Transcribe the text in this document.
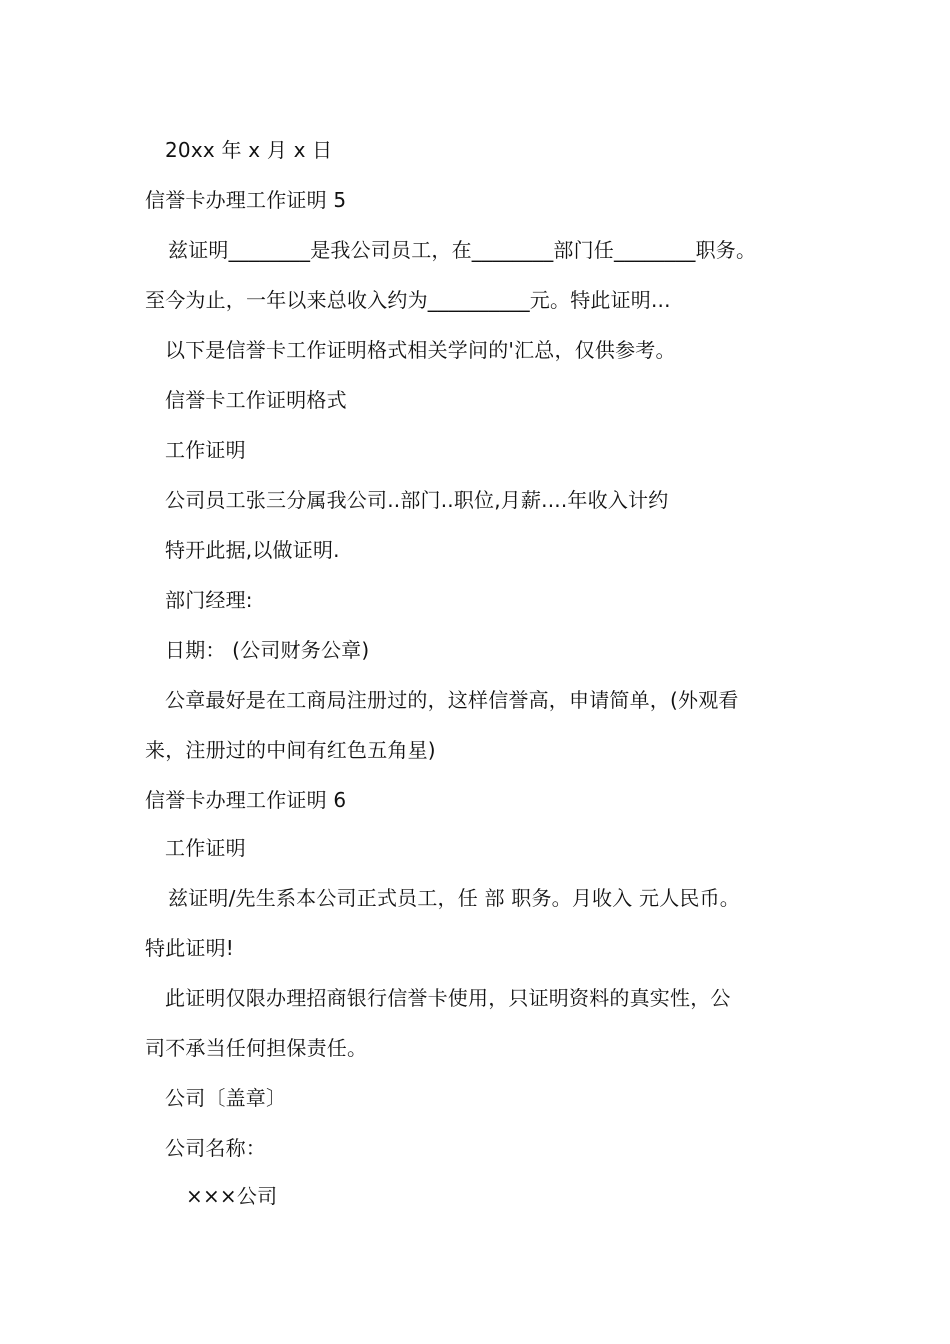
20xx 年 x 月 x 日
信誉卡办理工作证明 5
兹证明________是我公司员工，在________部门任________职务。
至今为止，一年以来总收入约为__________元。特此证明...
以下是信誉卡工作证明格式相关学问的'汇总，仅供参考。
信誉卡工作证明格式
工作证明
公司员工张三分属我公司..部门..职位,月薪....年收入计约
特开此据,以做证明.
部门经理:
日期： (公司财务公章)
公章最好是在工商局注册过的，这样信誉高，申请简单，(外观看
来，注册过的中间有红色五角星)
信誉卡办理工作证明 6
工作证明
兹证明/先生系本公司正式员工，任 部 职务。月收入 元人民币。
特此证明!
此证明仅限办理招商银行信誉卡使用，只证明资料的真实性，公
司不承当任何担保责任。
公司〔盖章〕
公司名称：
×××公司
